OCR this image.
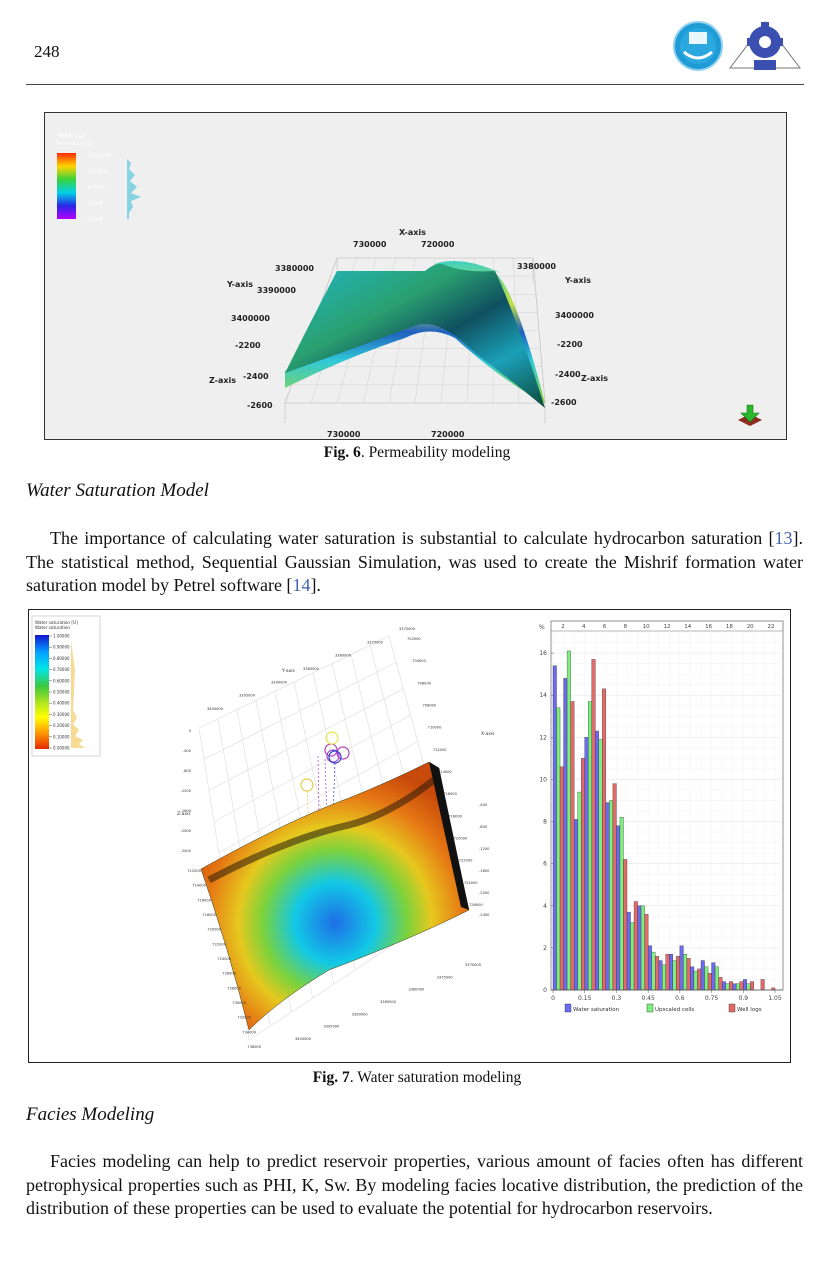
248
PERM [D]
Permeability (K)
1000.0000
100.0000
10.0000
1.0000
0.1000
X-axis
730000	720000
730000	720000
3380000
Y-axis
3390000
3400000
3380000
Y-axis
3400000
-2200
Z-axis -2400
-2600
-2200
-2400 Z-axis
-2600
Fig. 6. Permeability modeling
Water Saturation Model
The importance of calculating water saturation is substantial to calculate hydrocarbon saturation [13]. The statistical method, Sequential Gaussian Simulation, was used to create the Mishrif formation water saturation model by Petrel software [14].
Water saturation [U]
Water saturation
1.00000
0.90000
0.80000
0.70000
0.60000
0.50000
0.40000
0.30000
0.20000
0.10000
0.00000
3400000
3395000
3390000
3385000
3380000
3375000
3370000
702000
704000
706000
708000
710000
712000
714000
716000
718000
720000
722000
724000
726000
0
-400
-800
-1200
-1600
-2000
-2400
-400
-800
-1200
-1600
-2000
-2400
712000
714000
716000
718000
720000
722000
724000
726000
728000
730000
732000
734000
736000
3400000
3395000
3390000
3385000
3380000
3375000
3370000
Y-axis
X-axis
Z-axis
%	2	4	6	8	10	12	14	16	18	20	22
0
2
4
6
8
10
12
14
16
0	0.15	0.3	0.45	0.6	0.75	0.9	1.05
Water saturation	Upscaled cells	Well logs
Fig. 7. Water saturation modeling
Facies Modeling
Facies modeling can help to predict reservoir properties, various amount of facies often has different petrophysical properties such as PHI, K, Sw. By modeling facies locative distribution, the prediction of the distribution of these properties can be used to evaluate the potential for hydrocarbon reservoirs.
